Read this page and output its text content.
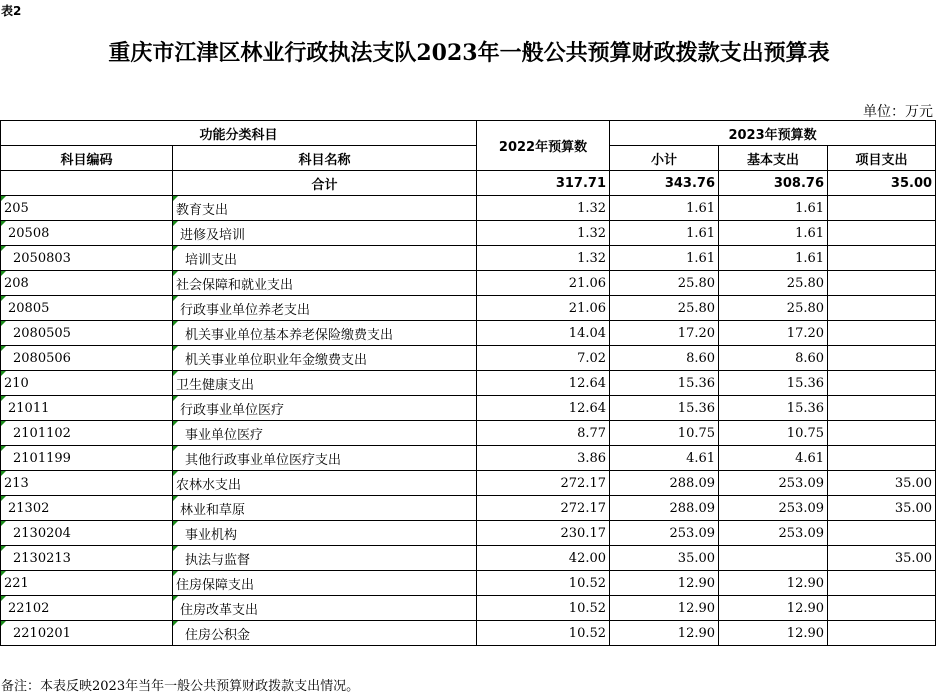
表2
重庆市江津区林业行政执法支队2023年一般公共预算财政拨款支出预算表
单位：万元
功能分类科目		2022年预算数	2023年预算数		
科目编码	科目名称		小计	基本支出	项目支出
	合计	317.71	343.76	308.76	35.00
205	教育支出	1.32	1.61	1.61	
20508	进修及培训	1.32	1.61	1.61	
2050803	培训支出	1.32	1.61	1.61	
208	社会保障和就业支出	21.06	25.80	25.80	
20805	行政事业单位养老支出	21.06	25.80	25.80	
2080505	机关事业单位基本养老保险缴费支出	14.04	17.20	17.20	
2080506	机关事业单位职业年金缴费支出	7.02	8.60	8.60	
210	卫生健康支出	12.64	15.36	15.36	
21011	行政事业单位医疗	12.64	15.36	15.36	
2101102	事业单位医疗	8.77	10.75	10.75	
2101199	其他行政事业单位医疗支出	3.86	4.61	4.61	
213	农林水支出	272.17	288.09	253.09	35.00
21302	林业和草原	272.17	288.09	253.09	35.00
2130204	事业机构	230.17	253.09	253.09	
2130213	执法与监督	42.00	35.00		35.00
221	住房保障支出	10.52	12.90	12.90	
22102	住房改革支出	10.52	12.90	12.90	
2210201	住房公积金	10.52	12.90	12.90	
备注：本表反映2023年当年一般公共预算财政拨款支出情况。
